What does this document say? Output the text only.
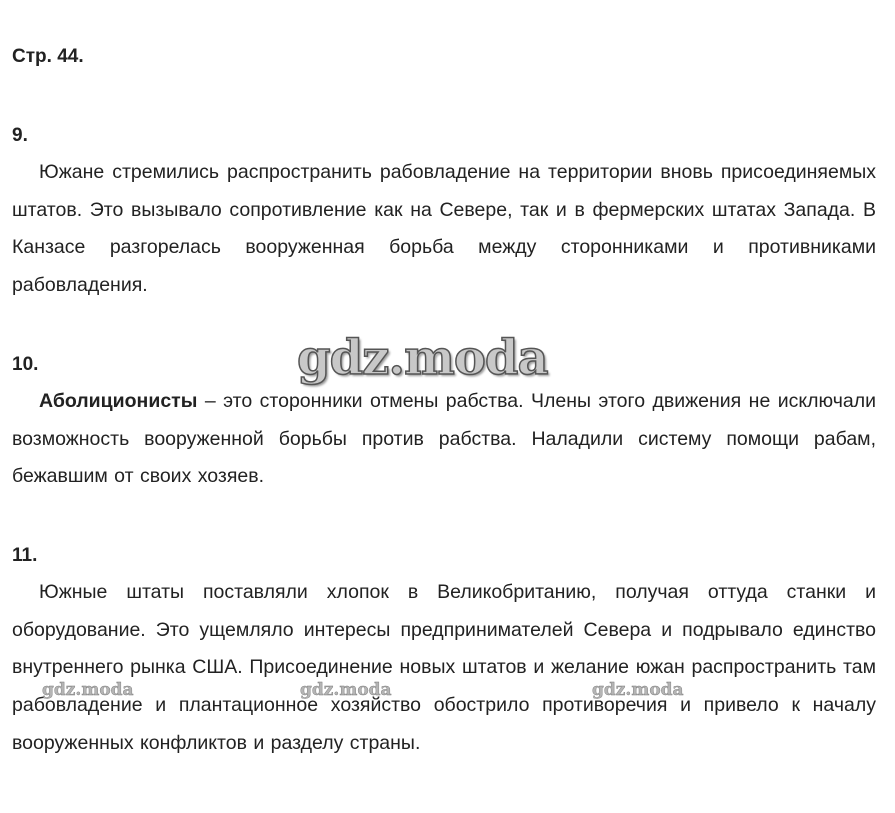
Стр. 44.
9.

Южане стремились распространить рабовладение на территории вновь присоединяемых штатов. Это вызывало сопротивление как на Севере, так и в фермерских штатах Запада. В Канзасе разгорелась вооруженная борьба между сторонниками и противниками рабовладения.

10.

Аболиционисты – это сторонники отмены рабства. Члены этого движения не исключали возможность вооруженной борьбы против рабства. Наладили систему помощи рабам, бежавшим от своих хозяев.

11.

Южные штаты поставляли хлопок в Великобританию, получая оттуда станки и оборудование. Это ущемляло интересы предпринимателей Севера и подрывало единство внутреннего рынка США. Присоединение новых штатов и желание южан распространить там рабовладение и плантационное хозяйство обострило противоречия и привело к началу вооруженных конфликтов и разделу страны.

gdz.moda
gdz.moda	gdz.moda	gdz.moda
